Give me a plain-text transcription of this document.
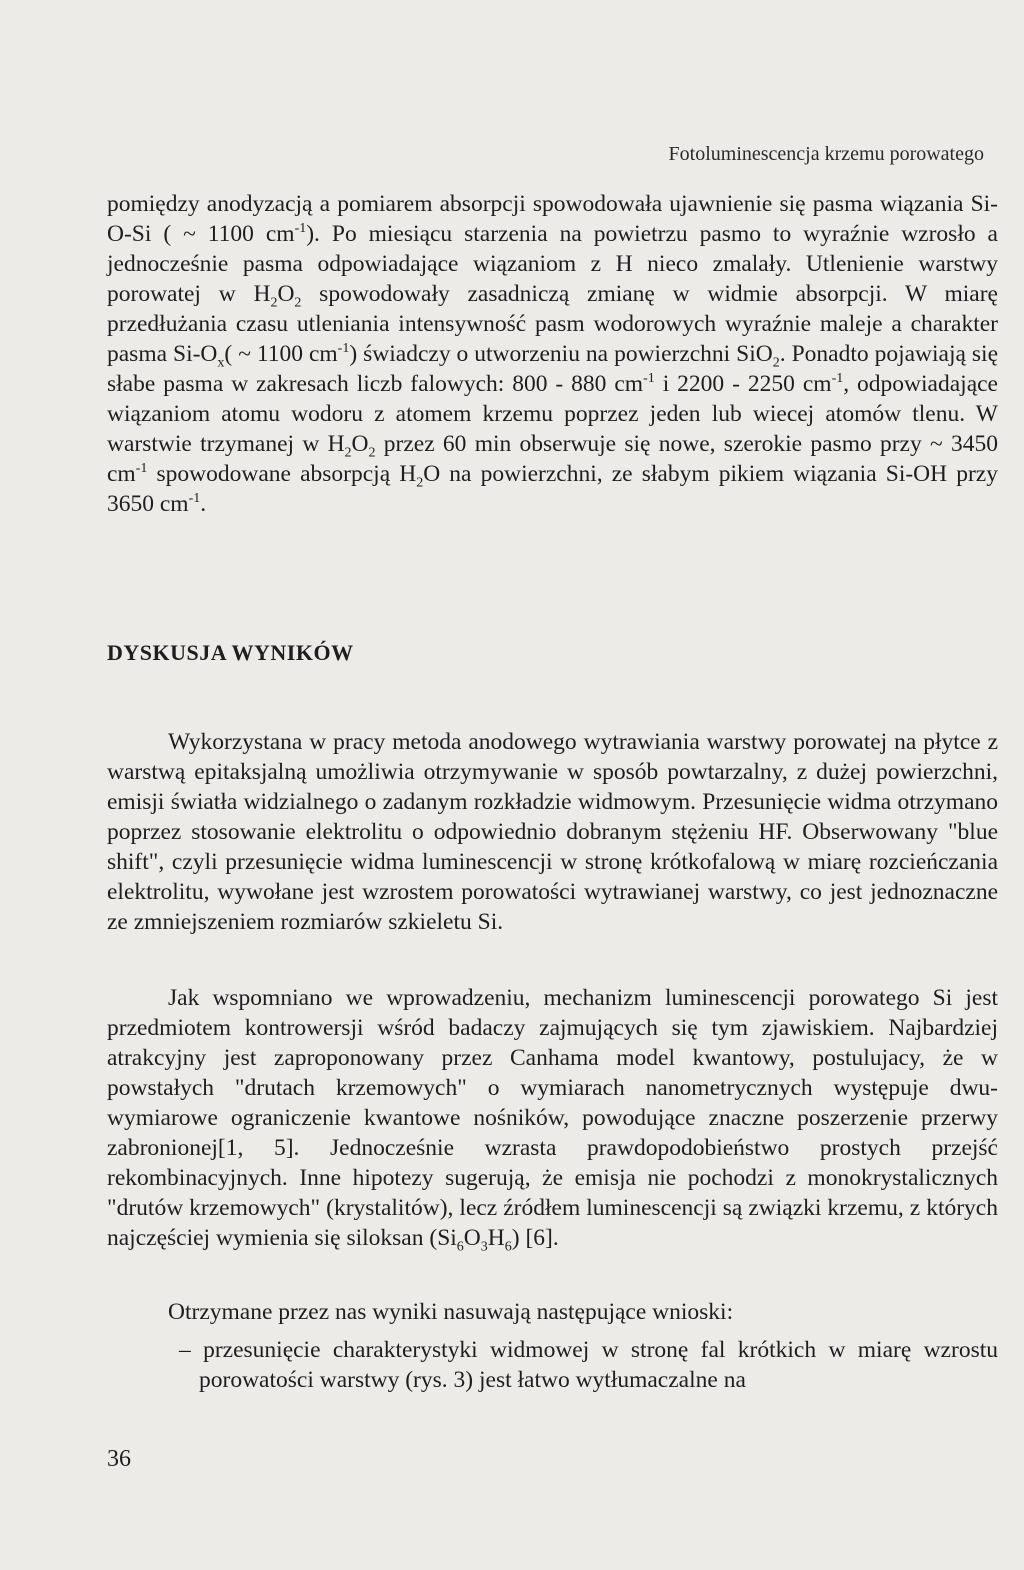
Fotoluminescencja krzemu porowatego

pomiędzy anodyzacją a pomiarem absorpcji spowodowała ujawnienie się pasma wiązania Si-O-Si ( ~ 1100 $cm^{-1}$). Po miesiącu starzenia na powietrzu pasmo to wyraźnie wzrosło a jednocześnie pasma odpowiadające wiązaniom z H nieco zmalały. Utlenienie warstwy porowatej w $H_2O_2$ spowodowały zasadniczą zmianę w widmie absorpcji. W miarę przedłużania czasu utleniania intensywność pasm wodorowych wyraźnie maleje a charakter pasma $Si-O_x$( ~ 1100 $cm^{-1}$) świadczy o utworzeniu na powierzchni SiO$_2$. Ponadto pojawiają się słabe pasma w zakresach liczb falowych: 800 - 880 $cm^{-1}$ i 2200 - 2250 $cm^{-1}$, odpowiadające wiązaniom atomu wodoru z atomem krzemu poprzez jeden lub wiecej atomów tlenu. W warstwie trzymanej w $H_2O_2$ przez 60 min obserwuje się nowe, szerokie pasmo przy ~ 3450 $cm^{-1}$ spowodowane absorpcją $H_2O$ na powierzchni, ze słabym pikiem wiązania Si-OH przy 3650 $cm^{-1}$.

DYSKUSJA WYNIKÓW

Wykorzystana w pracy metoda anodowego wytrawiania warstwy porowatej na płytce z warstwą epitaksjalną umożliwia otrzymywanie w sposób powtarzalny, z dużej powierzchni, emisji światła widzialnego o zadanym rozkładzie widmowym. Przesunięcie widma otrzymano poprzez stosowanie elektrolitu o odpowiednio dobranym stężeniu HF. Obserwowany "blue shift", czyli przesunięcie widma luminescencji w stronę krótkofalową w miarę rozcieńczania elektrolitu, wywołane jest wzrostem porowatości wytrawianej warstwy, co jest jednoznaczne ze zmniejszeniem rozmiarów szkieletu Si.

Jak wspomniano we wprowadzeniu, mechanizm luminescencji porowatego Si jest przedmiotem kontrowersji wśród badaczy zajmujących się tym zjawiskiem. Najbardziej atrakcyjny jest zaproponowany przez Canhama model kwantowy, postulujacy, że w powstałych "drutach krzemowych" o wymiarach nanometrycznych występuje dwu-wymiarowe ograniczenie kwantowe nośników, powodujące znaczne poszerzenie przerwy zabronionej[1, 5]. Jednocześnie wzrasta prawdopodobieństwo prostych przejść rekombinacyjnych. Inne hipotezy sugerują, że emisja nie pochodzi z monokrystalicznych "drutów krzemowych" (krystalitów), lecz źródłem luminescencji są związki krzemu, z których najczęściej wymienia się siloksan $(Si_6O_3H_6)$ [6].

Otrzymane przez nas wyniki nasuwają następujące wnioski:

– przesunięcie charakterystyki widmowej w stronę fal krótkich w miarę wzrostu porowatości warstwy (rys. 3) jest łatwo wytłumaczalne na

36
